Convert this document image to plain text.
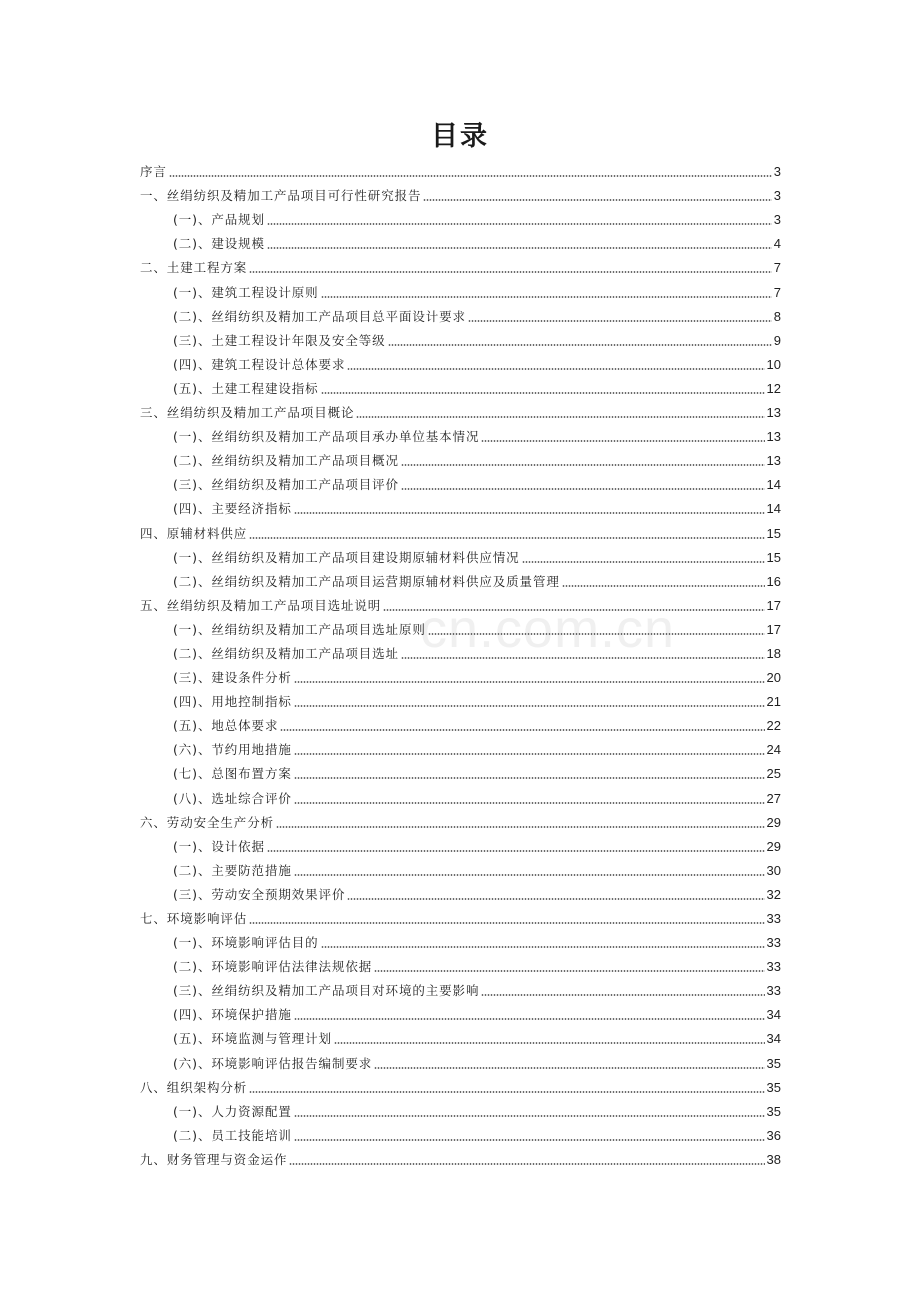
目录
cn.com.cn
序言	3
一、丝绢纺织及精加工产品项目可行性研究报告	3
(一)、产品规划	3
(二)、建设规模	4
二、土建工程方案	7
(一)、建筑工程设计原则	7
(二)、丝绢纺织及精加工产品项目总平面设计要求	8
(三)、土建工程设计年限及安全等级	9
(四)、建筑工程设计总体要求	10
(五)、土建工程建设指标	12
三、丝绢纺织及精加工产品项目概论	13
(一)、丝绢纺织及精加工产品项目承办单位基本情况	13
(二)、丝绢纺织及精加工产品项目概况	13
(三)、丝绢纺织及精加工产品项目评价	14
(四)、主要经济指标	14
四、原辅材料供应	15
(一)、丝绢纺织及精加工产品项目建设期原辅材料供应情况	15
(二)、丝绢纺织及精加工产品项目运营期原辅材料供应及质量管理	16
五、丝绢纺织及精加工产品项目选址说明	17
(一)、丝绢纺织及精加工产品项目选址原则	17
(二)、丝绢纺织及精加工产品项目选址	18
(三)、建设条件分析	20
(四)、用地控制指标	21
(五)、地总体要求	22
(六)、节约用地措施	24
(七)、总图布置方案	25
(八)、选址综合评价	27
六、劳动安全生产分析	29
(一)、设计依据	29
(二)、主要防范措施	30
(三)、劳动安全预期效果评价	32
七、环境影响评估	33
(一)、环境影响评估目的	33
(二)、环境影响评估法律法规依据	33
(三)、丝绢纺织及精加工产品项目对环境的主要影响	33
(四)、环境保护措施	34
(五)、环境监测与管理计划	34
(六)、环境影响评估报告编制要求	35
八、组织架构分析	35
(一)、人力资源配置	35
(二)、员工技能培训	36
九、财务管理与资金运作	38
